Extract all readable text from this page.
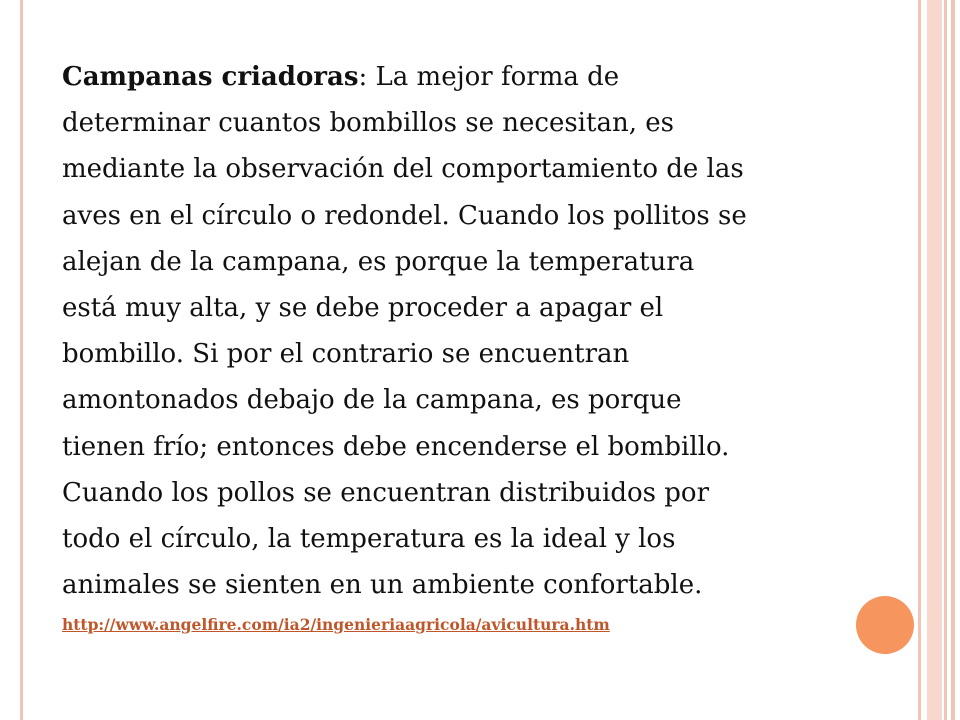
Campanas criadoras: La mejor forma de

determinar cuantos bombillos se necesitan, es

mediante la observación del comportamiento de las

aves en el círculo o redondel. Cuando los pollitos se

alejan de la campana, es porque la temperatura

está muy alta, y se debe proceder a apagar el

bombillo. Si por el contrario se encuentran

amontonados debajo de la campana, es porque

tienen frío; entonces debe encenderse el bombillo.

Cuando los pollos se encuentran distribuidos por

todo el círculo, la temperatura es la ideal y los

animales se sienten en un ambiente confortable.

http://www.angelfire.com/ia2/ingenieriaagricola/avicultura.htm
